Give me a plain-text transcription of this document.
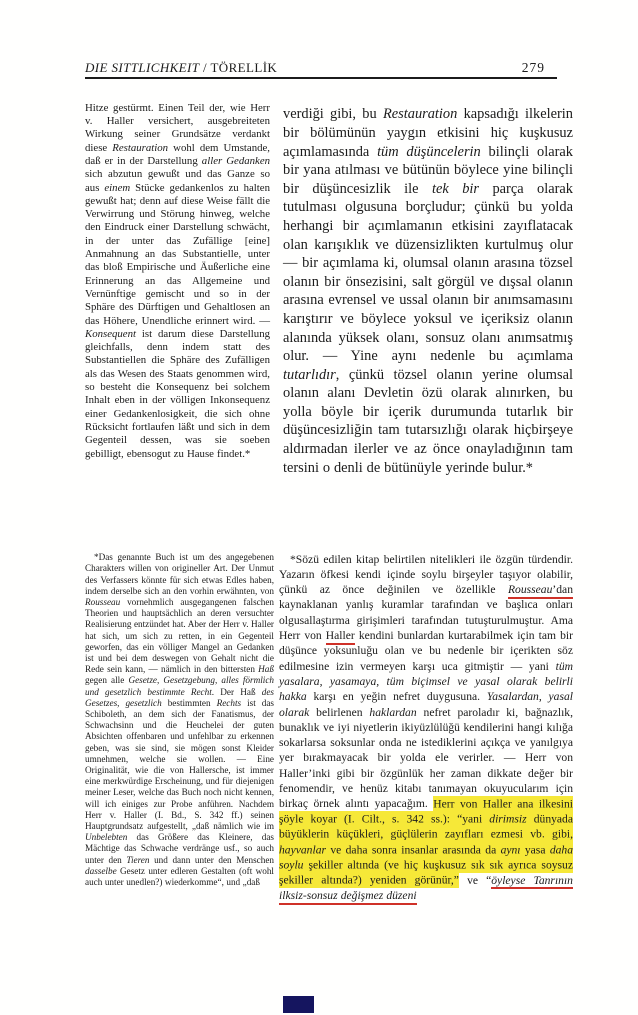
DIE SITTLICHKEIT / TÖRELLİK	279

Hitze gestürmt. Einen Teil der, wie Herr v. Haller versichert, ausgebreiteten Wirkung seiner Grundsätze verdankt diese Restauration wohl dem Umstande, daß er in der Darstellung aller Gedanken sich abzutun gewußt und das Ganze so aus einem Stücke gedankenlos zu halten gewußt hat; denn auf diese Weise fällt die Verwirrung und Störung hinweg, welche den Eindruck einer Darstellung schwächt, in der unter das Zufällige [eine] Anmahnung an das Substantielle, unter das bloß Empirische und Äußerliche eine Erinnerung an das Allgemeine und Vernünftige gemischt und so in der Sphäre des Dürftigen und Gehaltlosen an das Höhere, Unendliche erinnert wird. — Konsequent ist darum diese Darstellung gleichfalls, denn indem statt des Substantiellen die Sphäre des Zufälligen als das Wesen des Staats genommen wird, so besteht die Konsequenz bei solchem Inhalt eben in der völligen Inkonsequenz einer Gedankenlosigkeit, die sich ohne Rücksicht fortlaufen läßt und sich in dem Gegenteil dessen, was sie soeben gebilligt, ebensogut zu Hause findet.*

verdiği gibi, bu Restauration kapsadığı ilkelerin bir bölümünün yaygın etkisini hiç kuşkusuz açımlamasında tüm düşüncelerin bilinçli olarak bir yana atılması ve bütünün böylece yine bilinçli bir düşüncesizlik ile tek bir parça olarak tutulması olgusuna borçludur; çünkü bu yolda herhangi bir açımlamanın etkisini zayıflatacak olan karışıklık ve düzensizlikten kurtulmuş olur — bir açımlama ki, olumsal olanın arasına tözsel olanın bir önsezisini, salt görgül ve dışsal olanın arasına evrensel ve ussal olanın bir anımsamasını karıştırır ve böylece yoksul ve içeriksiz olanın alanında yüksek olanı, sonsuz olanı anımsatmış olur. — Yine aynı nedenle bu açımlama tutarlıdır, çünkü tözsel olanın yerine olumsal olanın alanı Devletin özü olarak alınırken, bu yolla böyle bir içerik durumunda tutarlık bir düşüncesizliğin tam tutarsızlığı olarak hiçbirşeye aldırmadan ilerler ve az önce onayladığının tam tersini o denli de bütünüyle yerinde bulur.*

*Das genannte Buch ist um des angegebenen Charakters willen von origineller Art. Der Unmut des Verfassers könnte für sich etwas Edles haben, indem derselbe sich an den vorhin erwähnten, von Rousseau vornehmlich ausgegangenen falschen Theorien und hauptsächlich an deren versuchter Realisierung entzündet hat. Aber der Herr v. Haller hat sich, um sich zu retten, in ein Gegenteil geworfen, das ein völliger Mangel an Gedanken ist und bei dem deswegen von Gehalt nicht die Rede sein kann, — nämlich in den bittersten Haß gegen alle Gesetze, Gesetzgebung, alles förmlich und gesetzlich bestimmte Recht. Der Haß des Gesetzes, gesetzlich bestimmten Rechts ist das Schiboleth, an dem sich der Fanatismus, der Schwachsinn und die Heuchelei der guten Absichten offenbaren und unfehlbar zu erkennen geben, was sie sind, sie mögen sonst Kleider umnehmen, welche sie wollen. — Eine Originalität, wie die von Hallersche, ist immer eine merkwürdige Erscheinung, und für diejenigen meiner Leser, welche das Buch noch nicht kennen, will ich einiges zur Probe anführen. Nachdem Herr v. Haller (I. Bd., S. 342 ff.) seinen Hauptgrundsatz aufgestellt, „daß nämlich wie im Unbelebten das Größere das Kleinere, das Mächtige das Schwache verdränge usf., so auch unter den Tieren und dann unter den Menschen dasselbe Gesetz unter edleren Gestalten (oft wohl auch unter unedlen?) wiederkomme“, und „daß

*Sözü edilen kitap belirtilen nitelikleri ile özgün türdendir. Yazarın öfkesi kendi içinde soylu birşeyler taşıyor olabilir, çünkü az önce değinilen ve özellikle Rousseau’dan kaynaklanan yanlış kuramlar tarafından ve başlıca onları olgusallaştırma girişimleri tarafından tutuşturulmuştur. Ama Herr von Haller kendini bunlardan kurtarabilmek için tam bir düşünce yoksunluğu olan ve bu nedenle bir içerikten söz edilmesine izin vermeyen karşı uca gitmiştir — yani tüm yasalara, yasamaya, tüm biçimsel ve yasal olarak belirli hakka karşı en yeğin nefret duygusuna. Yasalardan, yasal olarak belirlenen haklardan nefret paroladır ki, bağnazlık, bunaklık ve iyi niyetlerin ikiyüzlülüğü kendilerini hangi kılığa sokarlarsa soksunlar onda ne istediklerini açıkça ve yanılgıya yer bırakmayacak bir yolda ele verirler. — Herr von Haller’inki gibi bir özgünlük her zaman dikkate değer bir fenomendir, ve henüz kitabı tanımayan okuyucularım için birkaç örnek alıntı yapacağım. Herr von Haller ana ilkesini şöyle koyar (I. Cilt., s. 342 ss.): “yani dirimsiz dünyada büyüklerin küçükleri, güçlülerin zayıfları ezmesi vb. gibi, hayvanlar ve daha sonra insanlar arasında da aynı yasa daha soylu şekiller altında (ve hiç kuşkusuz sık sık ayrıca soysuz şekiller altında?) yeniden görünür,” ve “öyleyse Tanrının ilksiz-sonsuz değişmez düzeni
